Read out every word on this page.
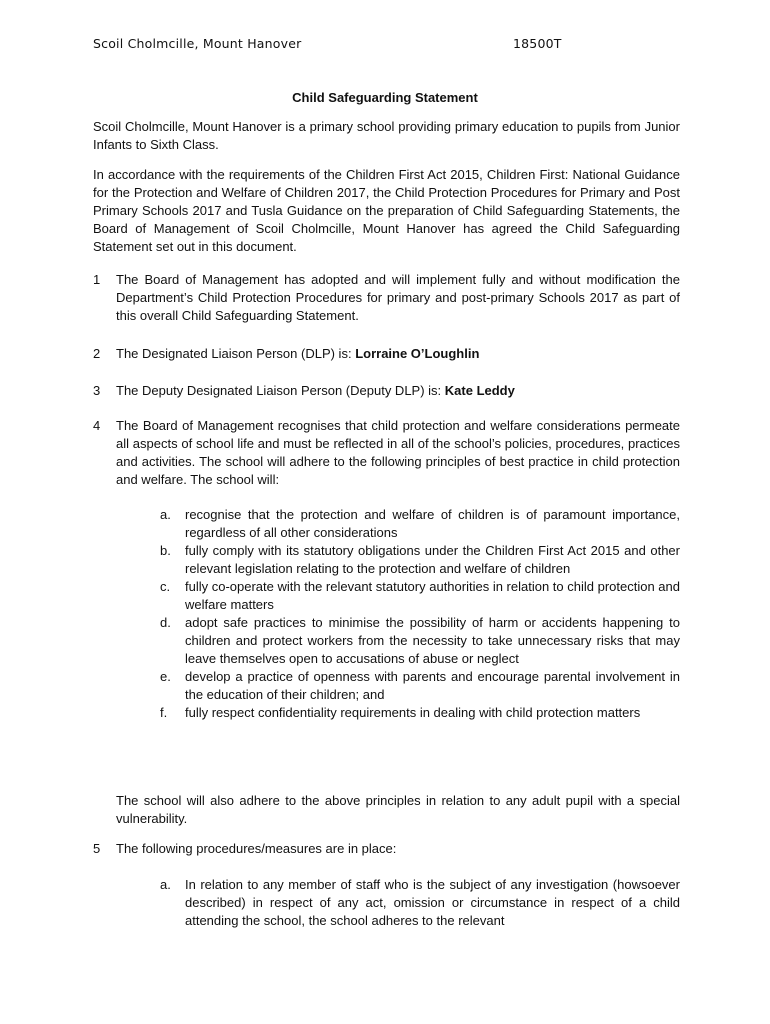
Scoil Cholmcille, Mount Hanover	18500T
Child Safeguarding Statement
Scoil Cholmcille, Mount Hanover is a primary school providing primary education to pupils from Junior Infants to Sixth Class.
In accordance with the requirements of the Children First Act 2015, Children First: National Guidance for the Protection and Welfare of Children 2017, the Child Protection Procedures for Primary and Post Primary Schools 2017 and Tusla Guidance on the preparation of Child Safeguarding Statements, the Board of Management of Scoil Cholmcille, Mount Hanover has agreed the Child Safeguarding Statement set out in this document.
1 The Board of Management has adopted and will implement fully and without modification the Department’s Child Protection Procedures for primary and post-primary Schools 2017 as part of this overall Child Safeguarding Statement.
2 The Designated Liaison Person (DLP) is: Lorraine O’Loughlin
3 The Deputy Designated Liaison Person (Deputy DLP) is: Kate Leddy
4 The Board of Management recognises that child protection and welfare considerations permeate all aspects of school life and must be reflected in all of the school’s policies, procedures, practices and activities. The school will adhere to the following principles of best practice in child protection and welfare. The school will:
a.	recognise that the protection and welfare of children is of paramount importance, regardless of all other considerations
b.	fully comply with its statutory obligations under the Children First Act 2015 and other relevant legislation relating to the protection and welfare of children
c.	fully co-operate with the relevant statutory authorities in relation to child protection and welfare matters
d.	adopt safe practices to minimise the possibility of harm or accidents happening to children and protect workers from the necessity to take unnecessary risks that may leave themselves open to accusations of abuse or neglect
e.	develop a practice of openness with parents and encourage parental involvement in the education of their children; and
f.	fully respect confidentiality requirements in dealing with child protection matters
The school will also adhere to the above principles in relation to any adult pupil with a special vulnerability.
5 The following procedures/measures are in place:
a.	In relation to any member of staff who is the subject of any investigation (howsoever described) in respect of any act, omission or circumstance in respect of a child attending the school, the school adheres to the relevant
